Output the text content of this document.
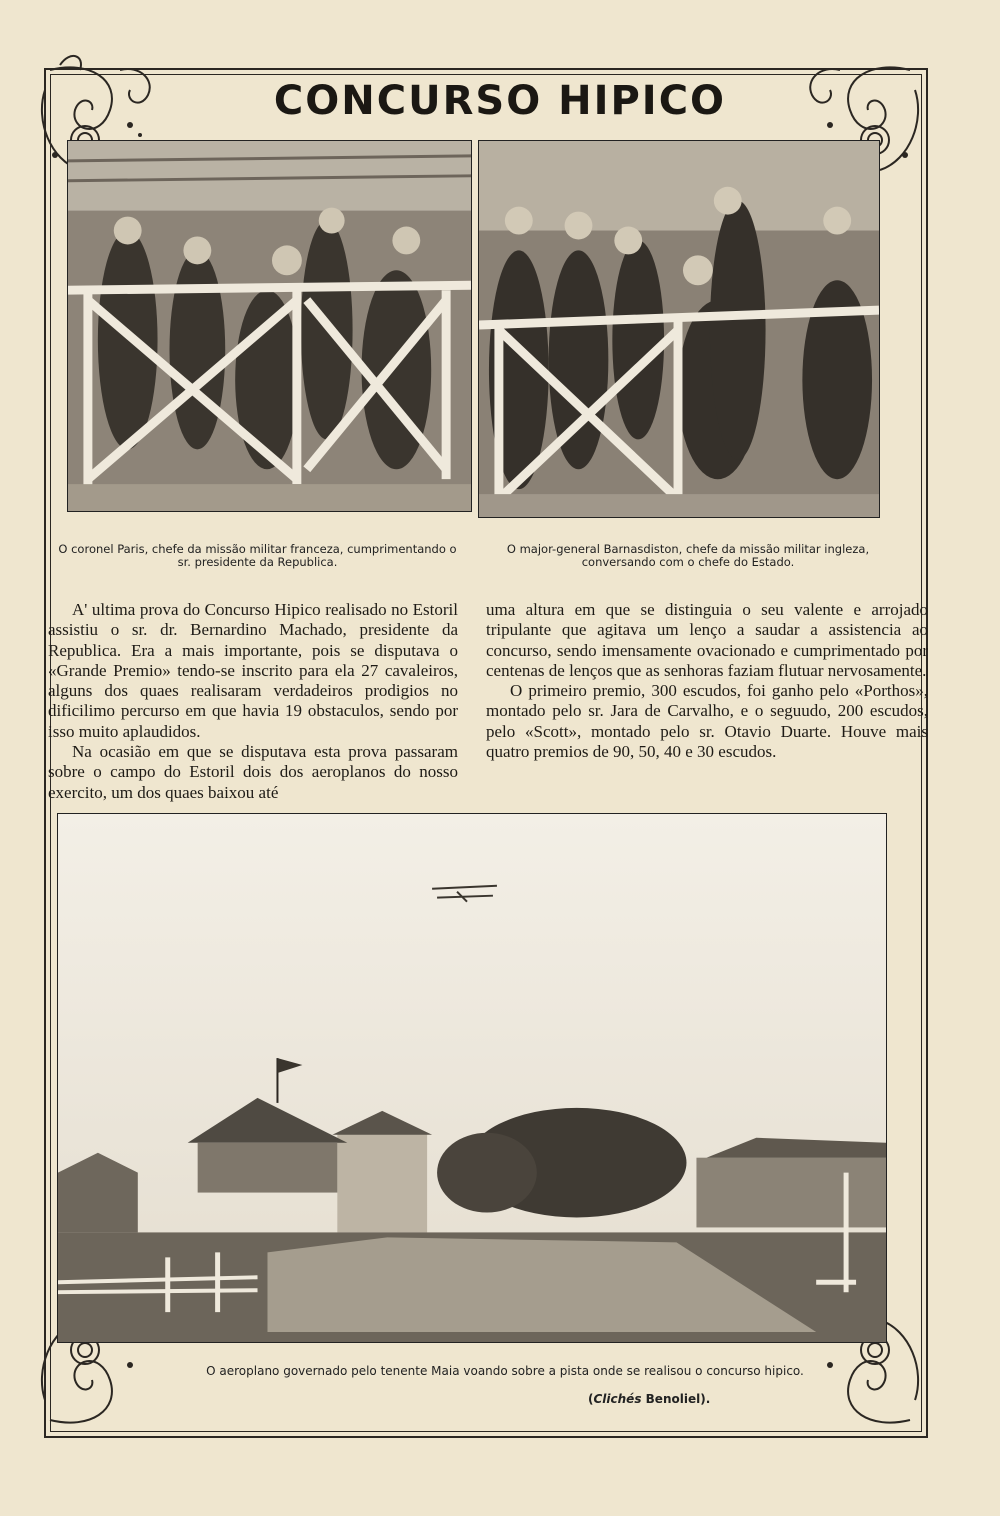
CONCURSO HIPICO
O coronel Paris, chefe da missão militar franceza, cumprimentando o sr. presidente da Republica.
O major-general Barnasdiston, chefe da missão militar ingleza, conversando com o chefe do Estado.

A' ultima prova do Concurso Hipico realisado no Estoril assistiu o sr. dr. Bernardino Machado, presidente da Republica. Era a mais importante, pois se disputava o «Grande Premio» tendo-se inscrito para ela 27 cavaleiros, alguns dos quaes realisaram verdadeiros prodigios no dificilimo percurso em que havia 19 obstaculos, sendo por isso muito aplaudidos.

Na ocasião em que se disputava esta prova passaram sobre o campo do Estoril dois dos aeroplanos do nosso exercito, um dos quaes baixou até

uma altura em que se distinguia o seu valente e arrojado tripulante que agitava um lenço a saudar a assistencia ao concurso, sendo imensamente ovacionado e cumprimentado por centenas de lenços que as senhoras faziam flutuar nervosamente.

O primeiro premio, 300 escudos, foi ganho pelo «Porthos», montado pelo sr. Jara de Carvalho, e o seguudo, 200 escudos, pelo «Scott», montado pelo sr. Otavio Duarte. Houve mais quatro premios de 90, 50, 40 e 30 escudos.

O aeroplano governado pelo tenente Maia voando sobre a pista onde se realisou o concurso hipico.
(Clichés Benoliel).
